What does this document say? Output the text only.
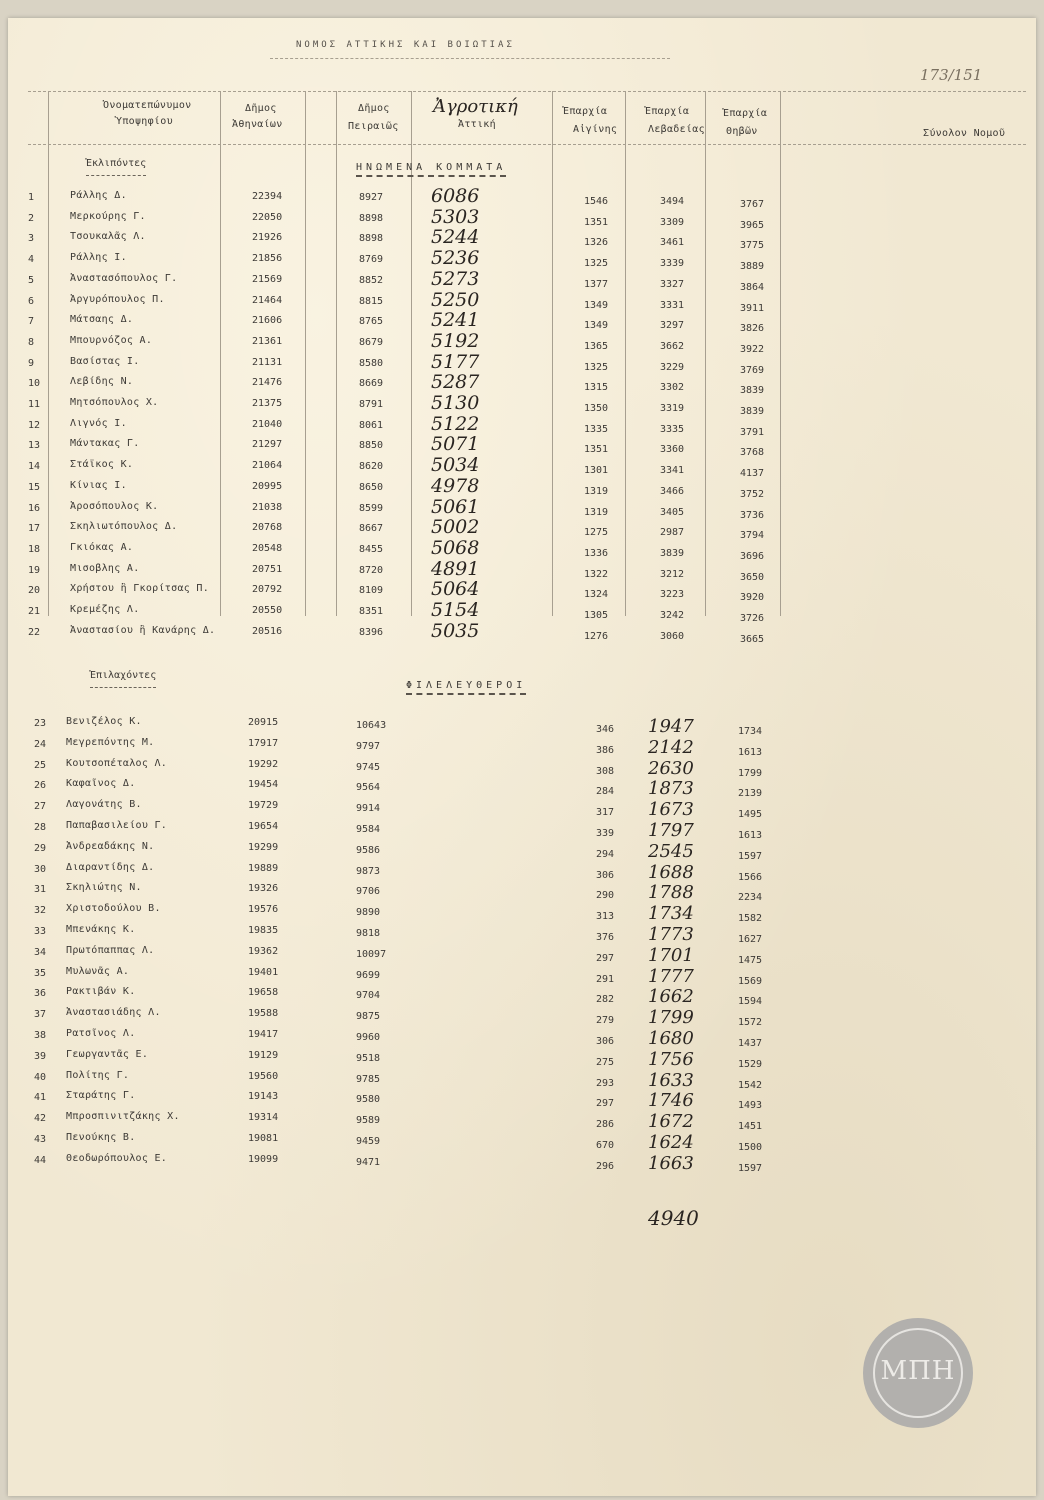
ΝΟΜΟΣ ΑΤΤΙΚΗΣ ΚΑΙ ΒΟΙΩΤΙΑΣ
173/151
Ὀνοματεπώνυμον
Ὑποψηφίου
Δῆμος
Ἀθηναίων
Δῆμος
Πειραιῶς
Ἀγροτική
Ἀττική
Ἐπαρχία
Αἰγίνης
Ἐπαρχία
Λεβαδείας
Ἐπαρχία
Θηβῶν	Σύνολον Νομοῦ
Ἐκλιπόντες	ΗΝΩΜΕΝΑ ΚΟΜΜΑΤΑ
1	Ράλλης Δ.	22394	8927	6086	1546	3494	3767
2	Μερκούρης Γ.	22050	8898	5303	1351	3309	3965
3	Τσουκαλᾶς Λ.	21926	8898	5244	1326	3461	3775
4	Ράλλης Ι.	21856	8769	5236	1325	3339	3889
5	Ἀναστασόπουλος Γ.	21569	8852	5273	1377	3327	3864
6	Ἀργυρόπουλος Π.	21464	8815	5250	1349	3331	3911
7	Μάτσαης Δ.	21606	8765	5241	1349	3297	3826
8	Μπουρνόζος Α.	21361	8679	5192	1365	3662	3922
9	Βασίστας Ι.	21131	8580	5177	1325	3229	3769
10	Λεβίδης Ν.	21476	8669	5287	1315	3302	3839
11	Μητσόπουλος Χ.	21375	8791	5130	1350	3319	3839
12	Λιγνός Ι.	21040	8061	5122	1335	3335	3791
13	Μάντακας Γ.	21297	8850	5071	1351	3360	3768
14	Στάϊκος Κ.	21064	8620	5034	1301	3341	4137
15	Κίνιας Ι.	20995	8650	4978	1319	3466	3752
16	Ἀροσόπουλος Κ.	21038	8599	5061	1319	3405	3736
17	Σκηλιωτόπουλος Δ.	20768	8667	5002	1275	2987	3794
18	Γκιόκας Α.	20548	8455	5068	1336	3839	3696
19	Μισοβλης Α.	20751	8720	4891	1322	3212	3650
20	Χρήστου ἢ Γκορίτσας Π.	20792	8109	5064	1324	3223	3920
21	Κρεμέζης Λ.	20550	8351	5154	1305	3242	3726
22	Ἀναστασίου ἢ Κανάρης Δ.	20516	8396	5035	1276	3060	3665
Ἐπιλαχόντες
ΦΙΛΕΛΕΥΘΕΡΟΙ
23 Βενιζέλος Κ.	20915	10643	346 1947	1734
24 Μεγρεπόντης Μ.	17917	9797	386 2142	1613
25 Κουτσοπέταλος Λ.	19292	9745	308 2630	1799
26 Καφαῖνος Δ.	19454	9564	284 1873	2139
27 Λαγονάτης Β.	19729	9914	317 1673	1495
28 Παπαβασιλείου Γ.	19654	9584	339 1797	1613
29 Ἀνδρεαδάκης Ν.	19299	9586	294 2545	1597
30 Διαραντίδης Δ.	19889	9873	306 1688	1566
31 Σκηλιώτης Ν.	19326	9706	290 1788	2234
32 Χριστοδούλου Β.	19576	9890	313 1734	1582
33 Μπενάκης Κ.	19835	9818	376 1773	1627
34 Πρωτόπαππας Λ.	19362	10097	297 1701	1475
35 Μυλωνᾶς Α.	19401	9699	291 1777	1569
36 Ρακτιβάν Κ.	19658	9704	282 1662	1594
37 Ἀναστασιάδης Λ.	19588	9875	279 1799	1572
38 Ρατσῖνος Λ.	19417	9960	306 1680	1437
39 Γεωργαντᾶς Ε.	19129	9518	275 1756	1529
40 Πολίτης Γ.	19560	9785	293 1633	1542
41 Σταράτης Γ.	19143	9580	297 1746	1493
42 Μπροσπινιτζάκης Χ.	19314	9589	286 1672	1451
43 Πενούκης Β.	19081	9459	670 1624	1500
44 Θεοδωρόπουλος Ε.	19099	9471	296 1663	1597
4940
ΜΠΗ
